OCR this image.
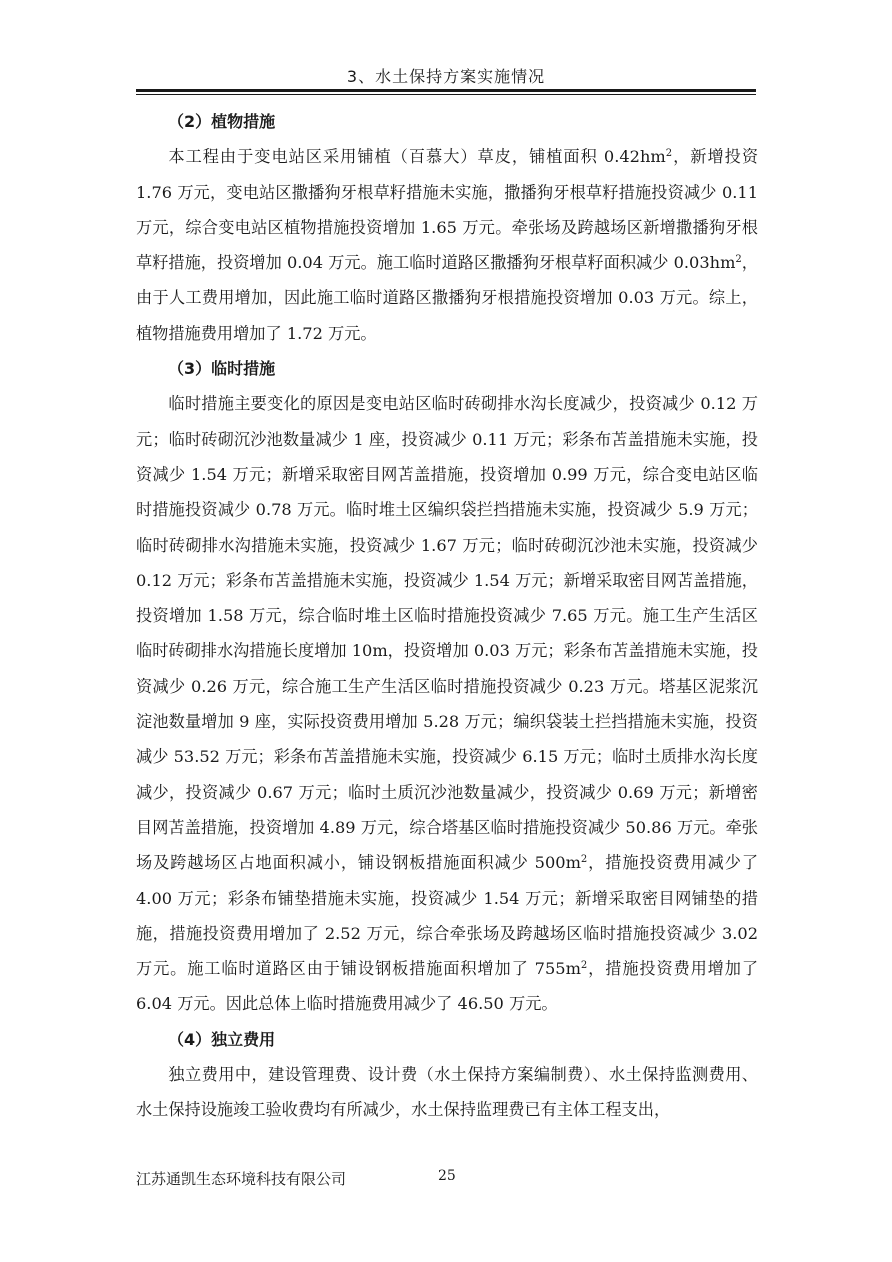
3、水土保持方案实施情况

（2）植物措施

本工程由于变电站区采用铺植（百慕大）草皮，铺植面积 $0.42hm^2$，新增投资 1.76 万元，变电站区撒播狗牙根草籽措施未实施，撒播狗牙根草籽措施投资减少 0.11 万元，综合变电站区植物措施投资增加 1.65 万元。牵张场及跨越场区新增撒播狗牙根草籽措施，投资增加 0.04 万元。施工临时道路区撒播狗牙根草籽面积减少 $0.03hm^2$，由于人工费用增加，因此施工临时道路区撒播狗牙根措施投资增加 0.03 万元。综上，植物措施费用增加了 1.72 万元。

（3）临时措施

临时措施主要变化的原因是变电站区临时砖砌排水沟长度减少，投资减少 0.12 万元；临时砖砌沉沙池数量减少 1 座，投资减少 0.11 万元；彩条布苫盖措施未实施，投资减少 1.54 万元；新增采取密目网苫盖措施，投资增加 0.99 万元，综合变电站区临时措施投资减少 0.78 万元。临时堆土区编织袋拦挡措施未实施，投资减少 5.9 万元；临时砖砌排水沟措施未实施，投资减少 1.67 万元；临时砖砌沉沙池未实施，投资减少 0.12 万元；彩条布苫盖措施未实施，投资减少 1.54 万元；新增采取密目网苫盖措施，投资增加 1.58 万元，综合临时堆土区临时措施投资减少 7.65 万元。施工生产生活区临时砖砌排水沟措施长度增加 10m，投资增加 0.03 万元；彩条布苫盖措施未实施，投资减少 0.26 万元，综合施工生产生活区临时措施投资减少 0.23 万元。塔基区泥浆沉淀池数量增加 9 座，实际投资费用增加 5.28 万元；编织袋装土拦挡措施未实施，投资减少 53.52 万元；彩条布苫盖措施未实施，投资减少 6.15 万元；临时土质排水沟长度减少，投资减少 0.67 万元；临时土质沉沙池数量减少，投资减少 0.69 万元；新增密目网苫盖措施，投资增加 4.89 万元，综合塔基区临时措施投资减少 50.86 万元。牵张场及跨越场区占地面积减小，铺设钢板措施面积减少 $500m^2$，措施投资费用减少了 4.00 万元；彩条布铺垫措施未实施，投资减少 1.54 万元；新增采取密目网铺垫的措施，措施投资费用增加了 2.52 万元，综合牵张场及跨越场区临时措施投资减少 3.02 万元。施工临时道路区由于铺设钢板措施面积增加了 $755m^2$，措施投资费用增加了 6.04 万元。因此总体上临时措施费用减少了 46.50 万元。

（4）独立费用

独立费用中，建设管理费、设计费（水土保持方案编制费）、水土保持监测费用、水土保持设施竣工验收费均有所减少，水土保持监理费已有主体工程支出，

江苏通凯生态环境科技有限公司	25
